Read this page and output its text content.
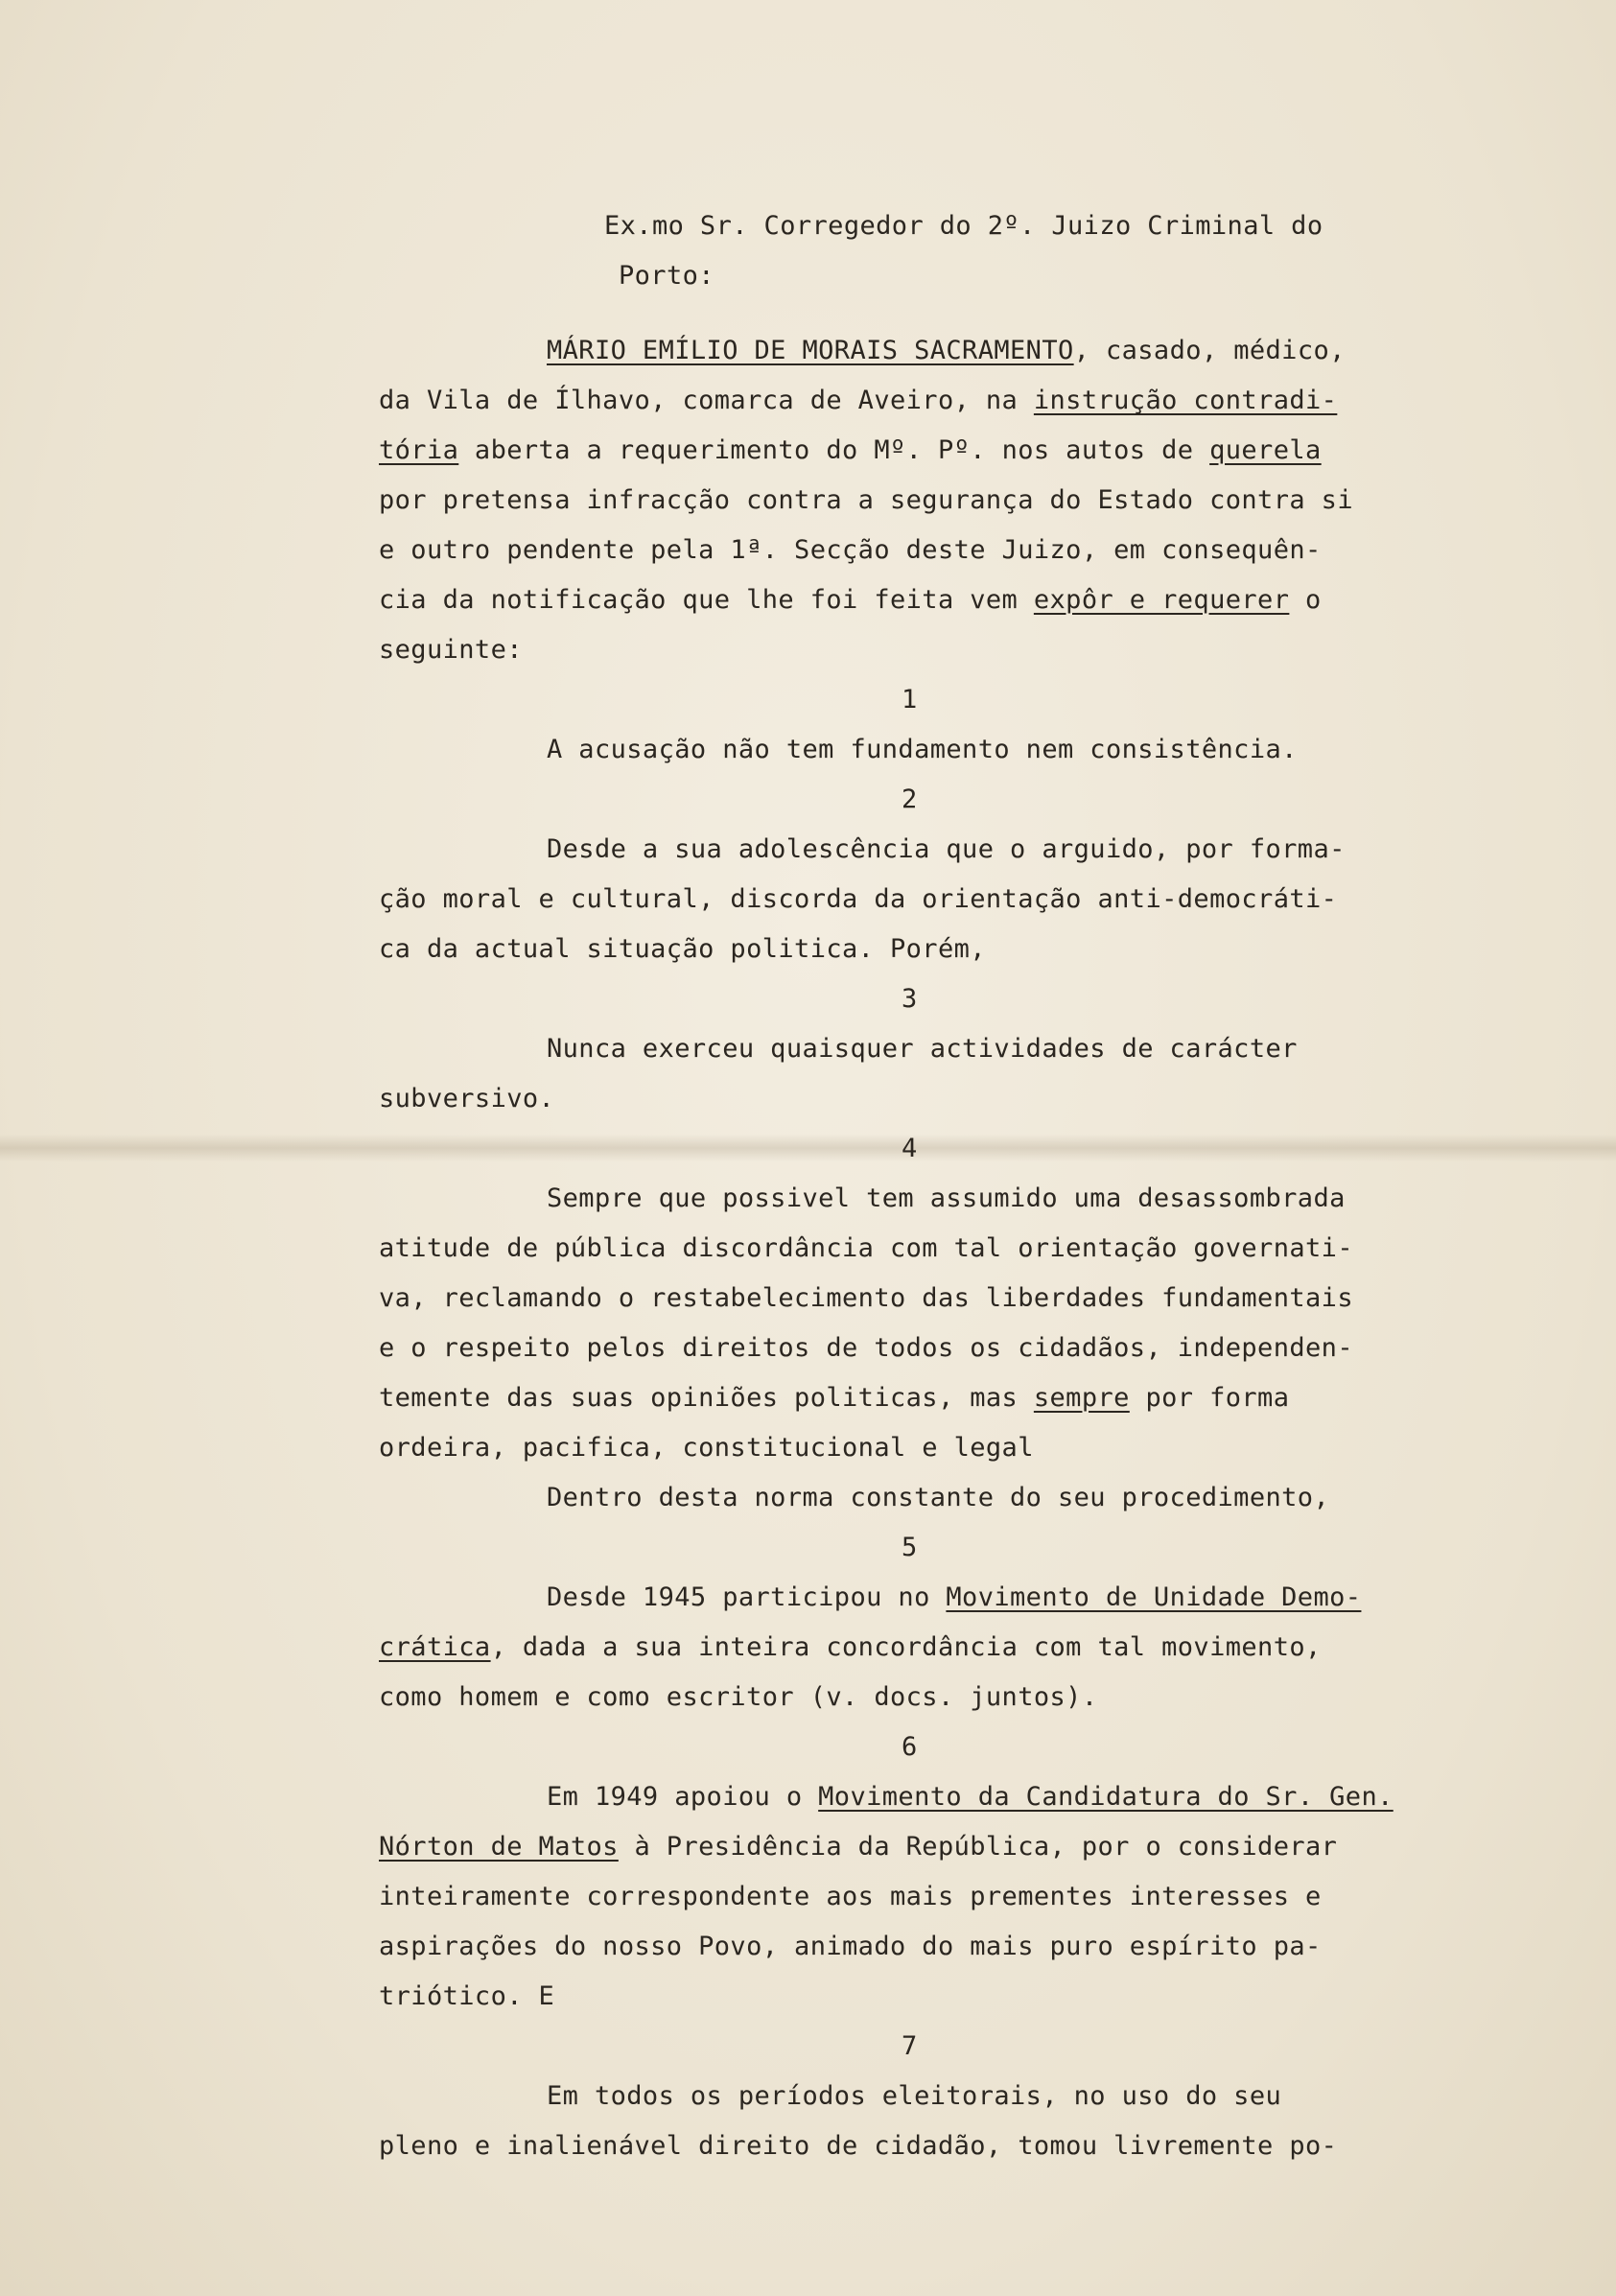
Ex.mo Sr. Corregedor do 2º. Juizo Criminal do
Porto:
MÁRIO EMÍLIO DE MORAIS SACRAMENTO, casado, médico,
da Vila de Ílhavo, comarca de Aveiro, na instrução contradi-
tória aberta a requerimento do Mº. Pº. nos autos de querela
por pretensa infracção contra a segurança do Estado contra si
e outro pendente pela 1ª. Secção deste Juizo, em consequên-
cia da notificação que lhe foi feita vem expôr e requerer o
seguinte:
1
A acusação não tem fundamento nem consistência.
2
Desde a sua adolescência que o arguido, por forma-
ção moral e cultural, discorda da orientação anti-democráti-
ca da actual situação politica. Porém,
3
Nunca exerceu quaisquer actividades de carácter
subversivo.
4
Sempre que possivel tem assumido uma desassombrada
atitude de pública discordância com tal orientação governati-
va, reclamando o restabelecimento das liberdades fundamentais
e o respeito pelos direitos de todos os cidadãos, independen-
temente das suas opiniões politicas, mas sempre por forma
ordeira, pacifica, constitucional e legal
Dentro desta norma constante do seu procedimento,
5
Desde 1945 participou no Movimento de Unidade Demo-
crática, dada a sua inteira concordância com tal movimento,
como homem e como escritor (v. docs. juntos).
6
Em 1949 apoiou o Movimento da Candidatura do Sr. Gen.
Nórton de Matos à Presidência da República, por o considerar
inteiramente correspondente aos mais prementes interesses e
aspirações do nosso Povo, animado do mais puro espírito pa-
triótico. E
7
Em todos os períodos eleitorais, no uso do seu
pleno e inalienável direito de cidadão, tomou livremente po-
